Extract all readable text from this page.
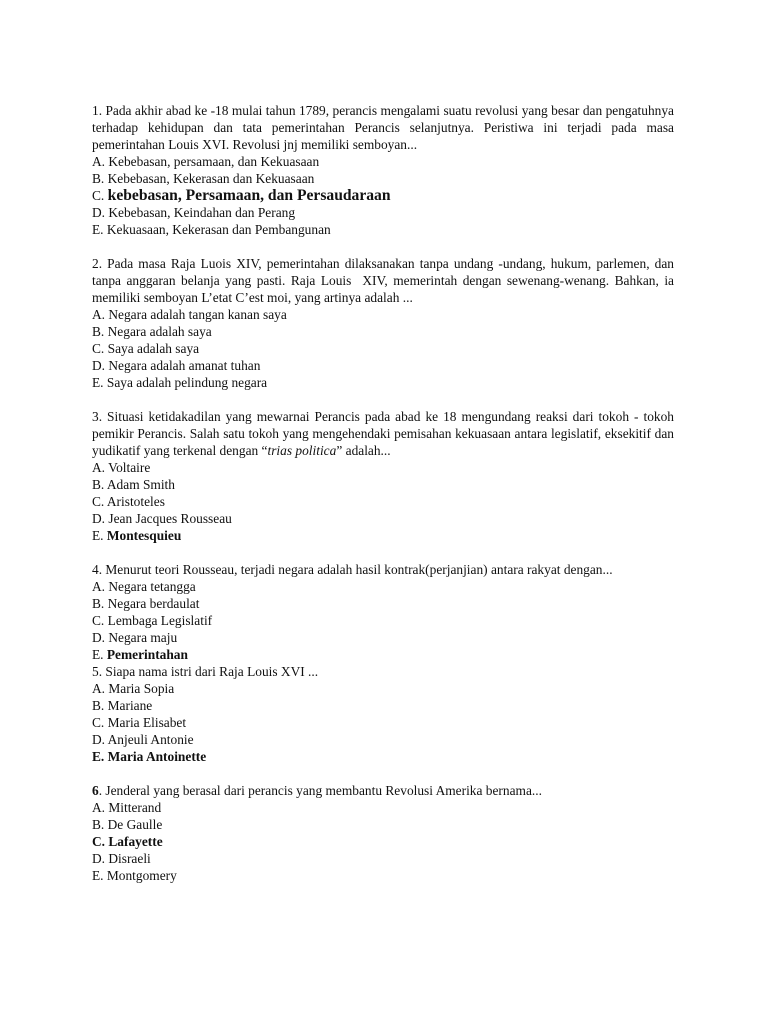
1. Pada akhir abad ke -18 mulai tahun 1789, perancis mengalami suatu revolusi yang besar dan pengatuhnya terhadap kehidupan dan tata pemerintahan Perancis selanjutnya. Peristiwa ini terjadi pada masa pemerintahan Louis XVI. Revolusi jnj memiliki semboyan...

A. Kebebasan, persamaan, dan Kekuasaan

B. Kebebasan, Kekerasan dan Kekuasaan

C. kebebasan, Persamaan, dan Persaudaraan

D. Kebebasan, Keindahan dan Perang

E. Kekuasaan, Kekerasan dan Pembangunan

2. Pada masa Raja Luois XIV, pemerintahan dilaksanakan tanpa undang -undang, hukum, parlemen, dan tanpa anggaran belanja yang pasti. Raja Louis  XIV, memerintah dengan sewenang-wenang. Bahkan, ia memiliki semboyan L’etat C’est moi, yang artinya adalah ...

A. Negara adalah tangan kanan saya

B. Negara adalah saya

C. Saya adalah saya

D. Negara adalah amanat tuhan

E. Saya adalah pelindung negara

3. Situasi ketidakadilan yang mewarnai Perancis pada abad ke 18 mengundang reaksi dari tokoh - tokoh pemikir Perancis. Salah satu tokoh yang mengehendaki pemisahan kekuasaan antara legislatif, eksekitif dan yudikatif yang terkenal dengan “trias politica” adalah...

A. Voltaire

B. Adam Smith

C. Aristoteles

D. Jean Jacques Rousseau

E. Montesquieu

4. Menurut teori Rousseau, terjadi negara adalah hasil kontrak(perjanjian) antara rakyat dengan...

A. Negara tetangga

B. Negara berdaulat

C. Lembaga Legislatif

D. Negara maju

E. Pemerintahan

5. Siapa nama istri dari Raja Louis XVI ...

A. Maria Sopia

B. Mariane

C. Maria Elisabet

D. Anjeuli Antonie

E. Maria Antoinette

6. Jenderal yang berasal dari perancis yang membantu Revolusi Amerika bernama...

A. Mitterand

B. De Gaulle

C. Lafayette

D. Disraeli

E. Montgomery
